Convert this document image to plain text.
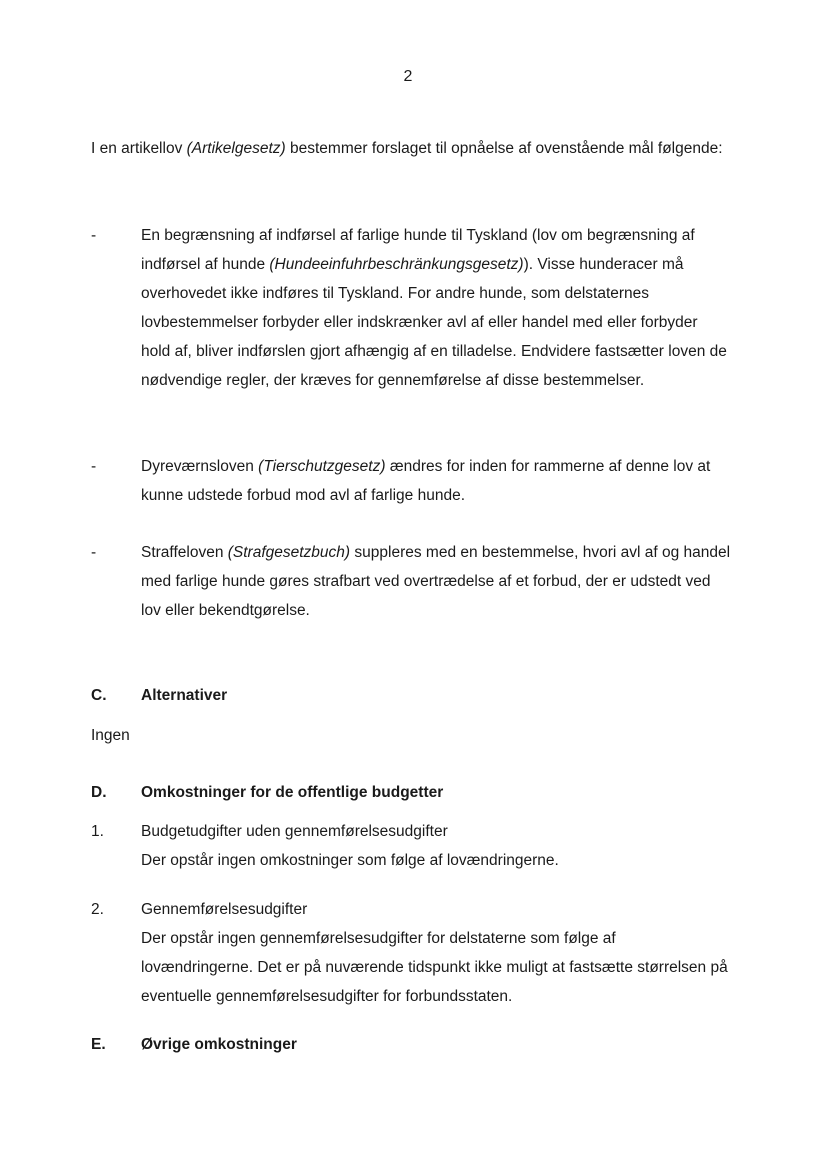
2

I en artikellov (Artikelgesetz) bestemmer forslaget til opnåelse af ovenstående mål følgende:

-	En begrænsning af indførsel af farlige hunde til Tyskland (lov om begrænsning af indførsel af hunde (Hundeeinfuhrbeschränkungsgesetz)). Visse hunderacer må overhovedet ikke indføres til Tyskland. For andre hunde, som delstaternes lovbestemmelser forbyder eller indskrænker avl af eller handel med eller forbyder hold af, bliver indførslen gjort afhængig af en tilladelse. Endvidere fastsætter loven de nødvendige regler, der kræves for gennemførelse af disse bestemmelser.

-	Dyreværnsloven (Tierschutzgesetz) ændres for inden for rammerne af denne lov at kunne udstede forbud mod avl af farlige hunde.

-	Straffeloven (Strafgesetzbuch) suppleres med en bestemmelse, hvori avl af og handel med farlige hunde gøres strafbart ved overtrædelse af et forbud, der er udstedt ved lov eller bekendtgørelse.

C. Alternativer
Ingen
D. Omkostninger for de offentlige budgetter
1. Budgetudgifter uden gennemførelsesudgifter
Der opstår ingen omkostninger som følge af lovændringerne.
2. Gennemførelsesudgifter
Der opstår ingen gennemførelsesudgifter for delstaterne som følge af lovændringerne. Det er på nuværende tidspunkt ikke muligt at fastsætte størrelsen på eventuelle gennemførelsesudgifter for forbundsstaten.
E. Øvrige omkostninger
